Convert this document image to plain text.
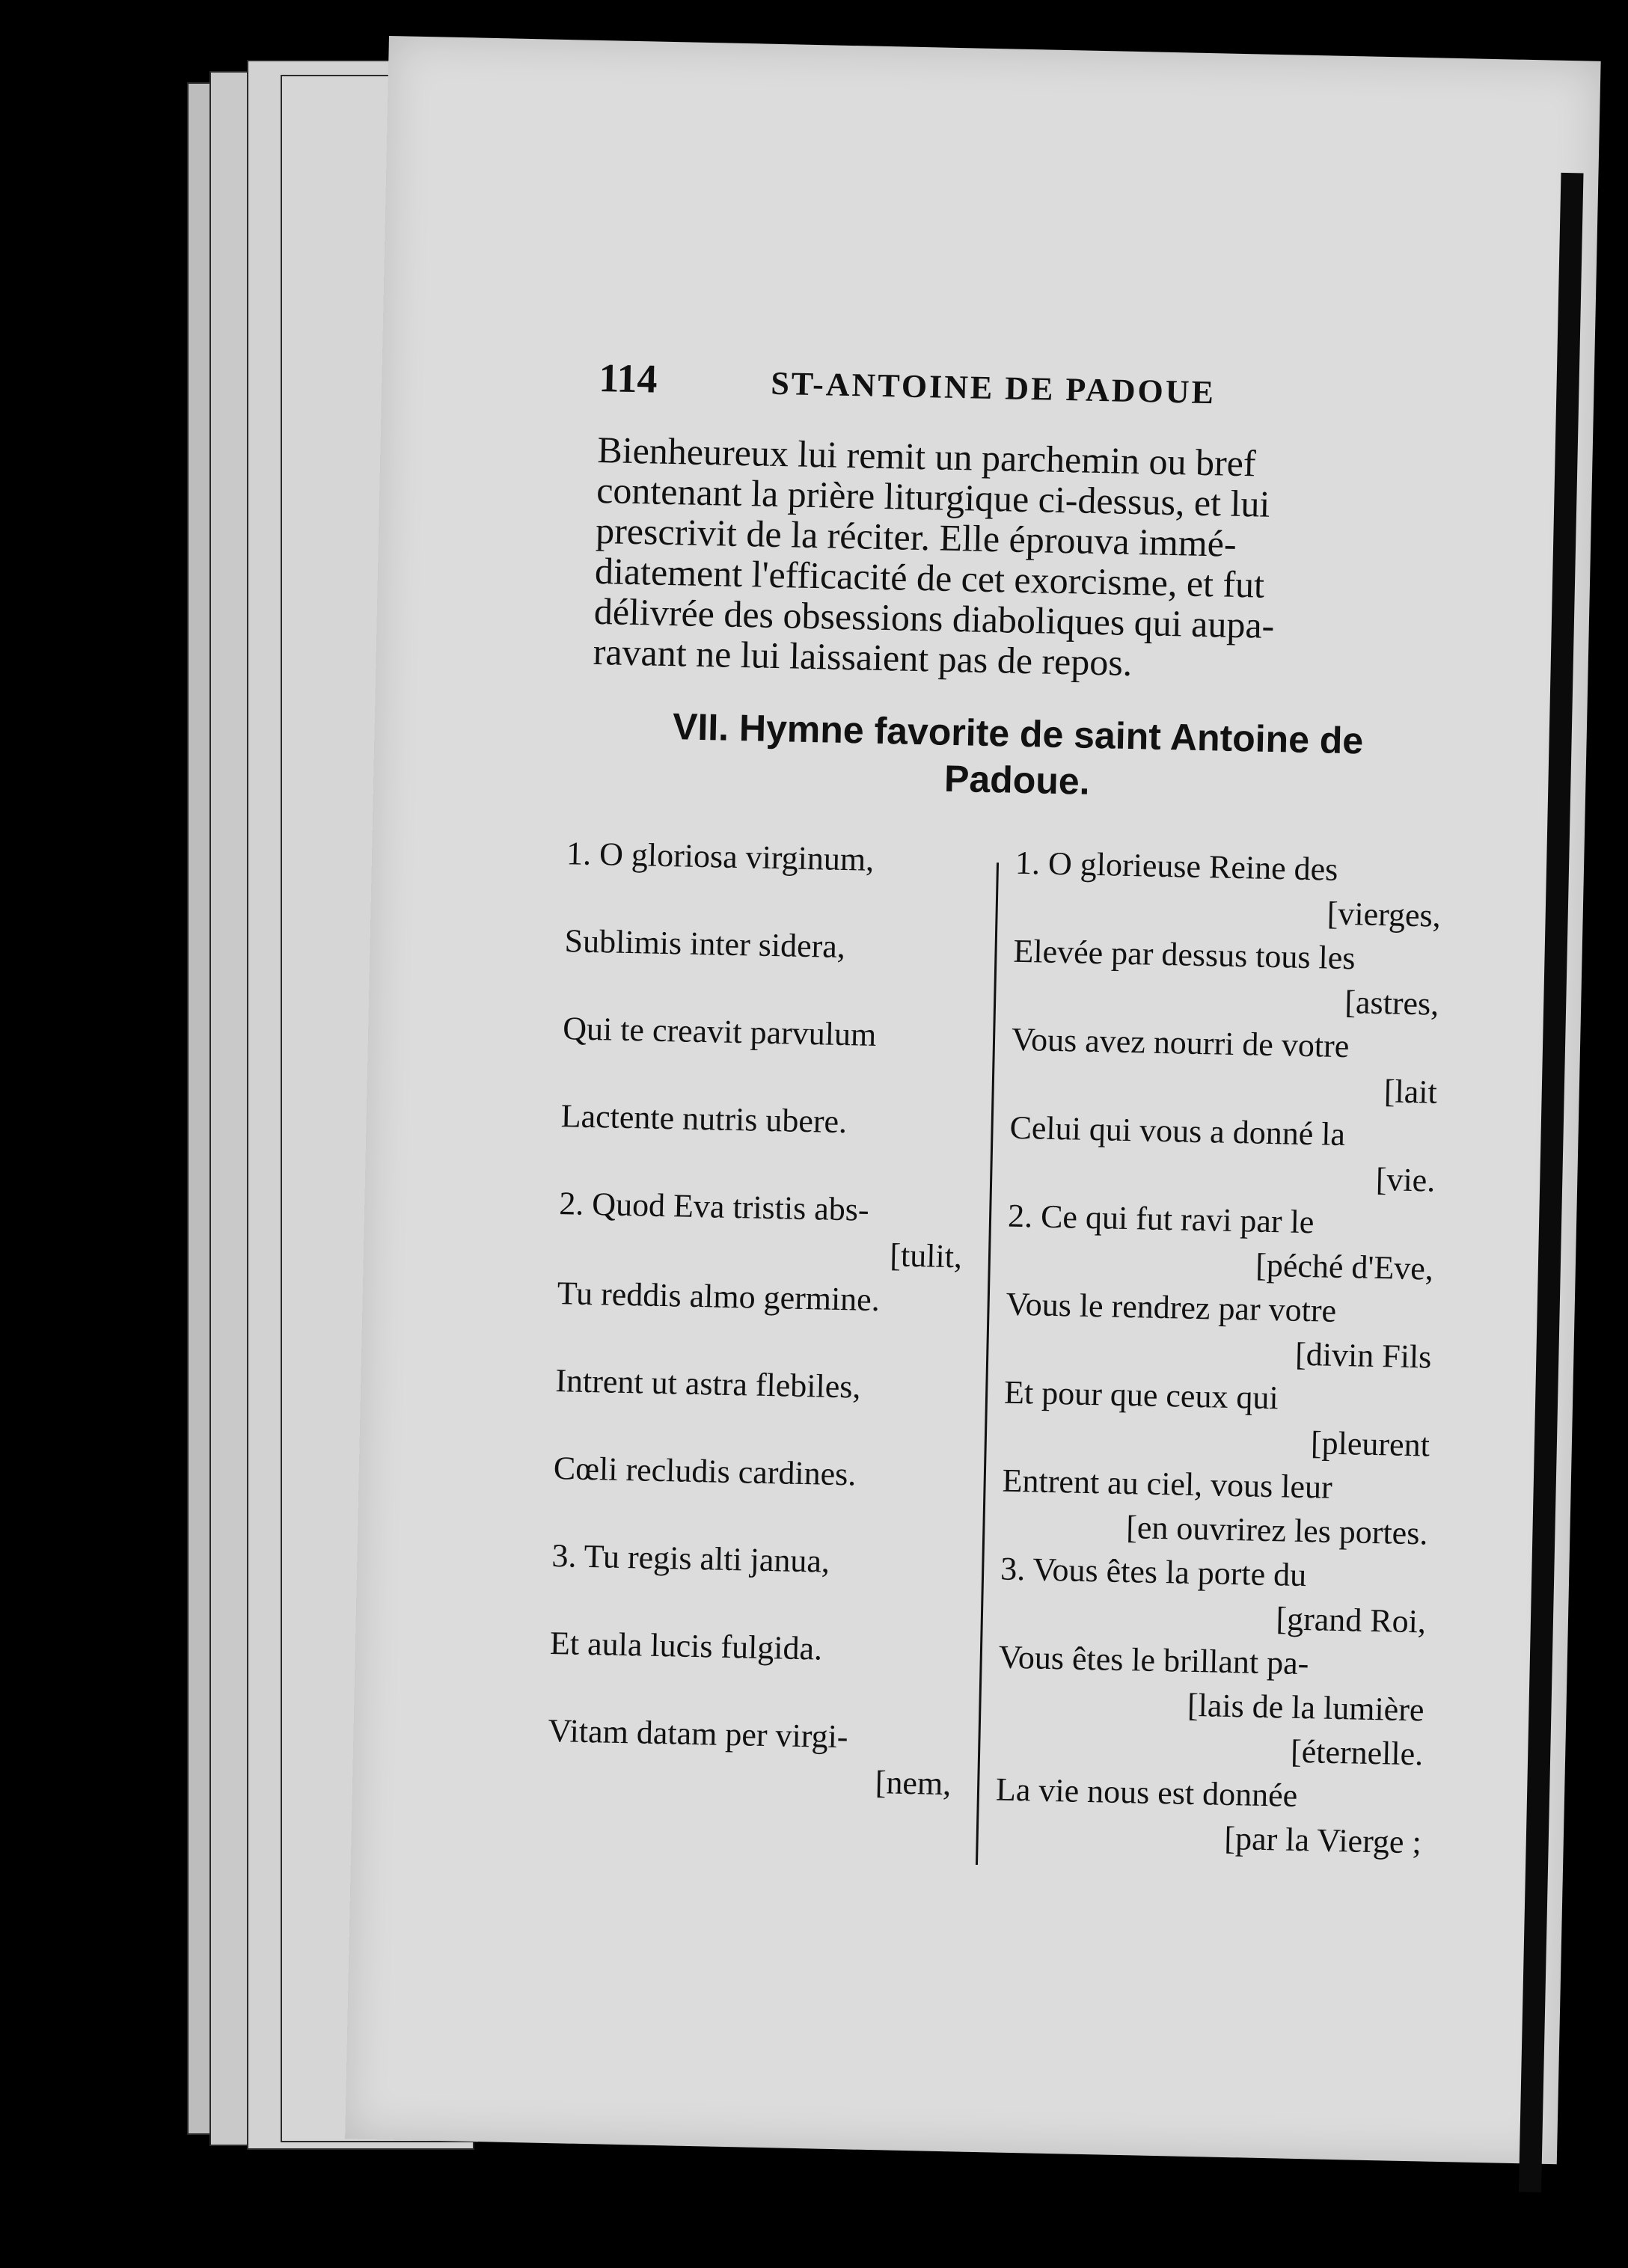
114	ST-ANTOINE DE PADOUE
Bienheureux lui remit un parchemin ou bref
contenant la prière liturgique ci-dessus, et lui
prescrivit de la réciter. Elle éprouva immé-
diatement l'efficacité de cet exorcisme, et fut
délivrée des obsessions diaboliques qui aupa-
ravant ne lui laissaient pas de repos.
VII. Hymne favorite de saint Antoine de
Padoue.
1. O gloriosa virginum,
Sublimis inter sidera,
Qui te creavit parvulum
Lactente nutris ubere.
2. Quod Eva tristis abs-
[tulit,
Tu reddis almo germine.
Intrent ut astra flebiles,
Cœli recludis cardines.
3. Tu regis alti janua,
Et aula lucis fulgida.
Vitam datam per virgi-
[nem,
1. O glorieuse Reine des
[vierges,
Elevée par dessus tous les
[astres,
Vous avez nourri de votre
[lait
Celui qui vous a donné la
[vie.
2. Ce qui fut ravi par le
[péché d'Eve,
Vous le rendrez par votre
[divin Fils
Et pour que ceux qui
[pleurent
Entrent au ciel, vous leur
[en ouvrirez les portes.
3. Vous êtes la porte du
[grand Roi,
Vous êtes le brillant pa-
[lais de la lumière
[éternelle.
La vie nous est donnée
[par la Vierge ;
